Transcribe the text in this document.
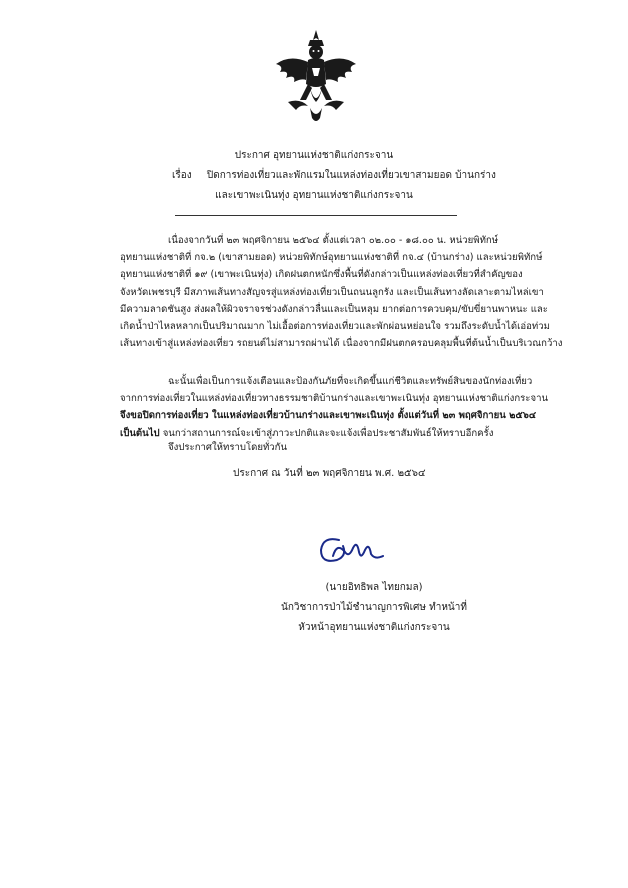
ประกาศ อุทยานแห่งชาติแก่งกระจาน
เรื่อง ปิดการท่องเที่ยวและพักแรมในแหล่งท่องเที่ยวเขาสามยอด บ้านกร่าง
และเขาพะเนินทุ่ง อุทยานแห่งชาติแก่งกระจาน
เนื่องจากวันที่ ๒๓ พฤศจิกายน ๒๕๖๔ ตั้งแต่เวลา ๐๒.๐๐ - ๑๘.๐๐ น. หน่วยพิทักษ์
อุทยานแห่งชาติที่ กจ.๒ (เขาสามยอด) หน่วยพิทักษ์อุทยานแห่งชาติที่ กจ.๔ (บ้านกร่าง) และหน่วยพิทักษ์
อุทยานแห่งชาติที่ ๑๙ (เขาพะเนินทุ่ง) เกิดฝนตกหนักซึ่งพื้นที่ดังกล่าวเป็นแหล่งท่องเที่ยวที่สำคัญของ
จังหวัดเพชรบุรี มีสภาพเส้นทางสัญจรสู่แหล่งท่องเที่ยวเป็นถนนลูกรัง และเป็นเส้นทางลัดเลาะตามไหล่เขา
มีความลาดชันสูง ส่งผลให้ผิวจราจรช่วงดังกล่าวลื่นและเป็นหลุม ยากต่อการควบคุม/ขับขี่ยานพาหนะ และ
เกิดน้ำป่าไหลหลากเป็นปริมาณมาก ไม่เอื้อต่อการท่องเที่ยวและพักผ่อนหย่อนใจ รวมถึงระดับน้ำได้เอ่อท่วม
เส้นทางเข้าสู่แหล่งท่องเที่ยว รถยนต์ไม่สามารถผ่านได้ เนื่องจากมีฝนตกครอบคลุมพื้นที่ต้นน้ำเป็นบริเวณกว้าง
ฉะนั้นเพื่อเป็นการแจ้งเตือนและป้องกันภัยที่จะเกิดขึ้นแก่ชีวิตและทรัพย์สินของนักท่องเที่ยว
จากการท่องเที่ยวในแหล่งท่องเที่ยวทางธรรมชาติบ้านกร่างและเขาพะเนินทุ่ง อุทยานแห่งชาติแก่งกระจาน
จึงขอปิดการท่องเที่ยว ในแหล่งท่องเที่ยวบ้านกร่างและเขาพะเนินทุ่ง ตั้งแต่วันที่ ๒๓ พฤศจิกายน ๒๕๖๔
เป็นต้นไป จนกว่าสถานการณ์จะเข้าสู่ภาวะปกติและจะแจ้งเพื่อประชาสัมพันธ์ให้ทราบอีกครั้ง
จึงประกาศให้ทราบโดยทั่วกัน
ประกาศ ณ วันที่ ๒๓ พฤศจิกายน พ.ศ. ๒๕๖๔
(นายอิทธิพล ไทยกมล)
นักวิชาการป่าไม้ชำนาญการพิเศษ ทำหน้าที่
หัวหน้าอุทยานแห่งชาติแก่งกระจาน
